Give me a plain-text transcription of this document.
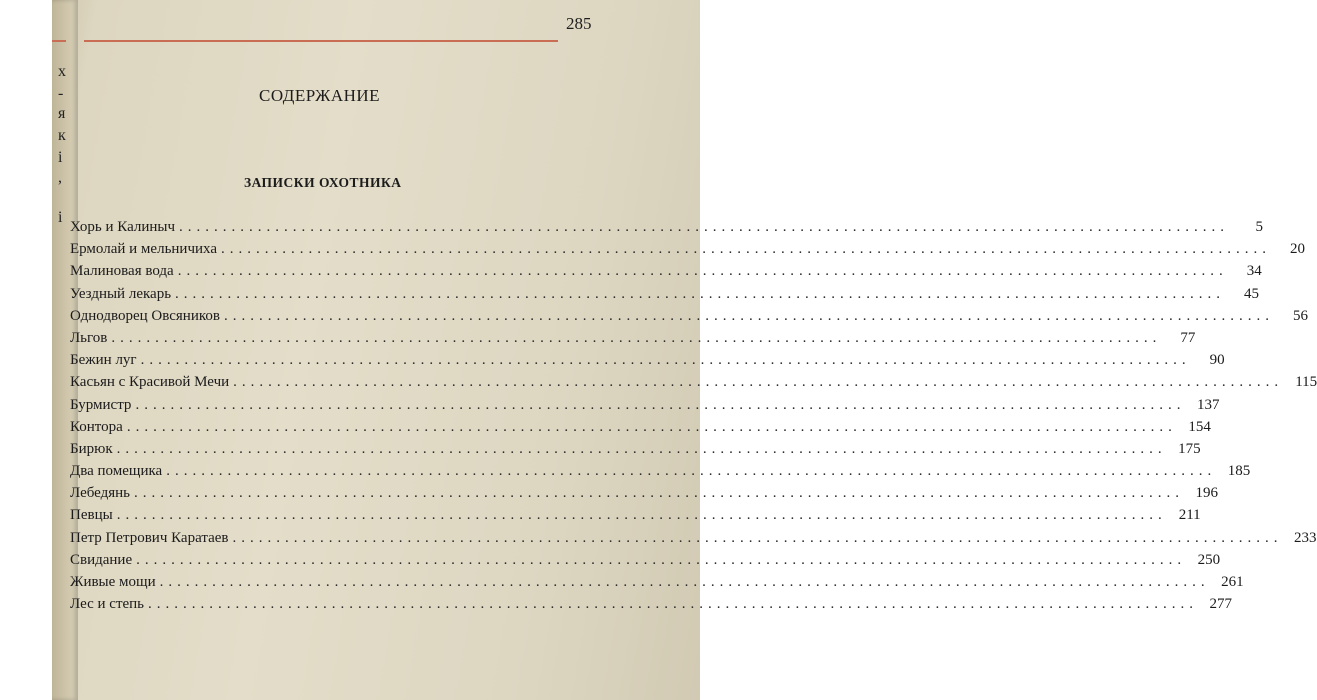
х
-
я
к
і
,
і
285
СОДЕРЖАНИЕ
ЗАПИСКИ ОХОТНИКА
Хорь и Калиныч ........................................................................................................................	5
Ермолай и мельничиха ........................................................................................................................	20
Малиновая вода ........................................................................................................................	34
Уездный лекарь ........................................................................................................................	45
Однодворец Овсяников ........................................................................................................................	56
Льгов ........................................................................................................................	77
Бежин луг ........................................................................................................................	90
Касьян с Красивой Мечи ........................................................................................................................ 115
Бурмистр ........................................................................................................................ 137
Контора ........................................................................................................................ 154
Бирюк ........................................................................................................................ 175
Два помещика ........................................................................................................................ 185
Лебедянь ........................................................................................................................ 196
Певцы ........................................................................................................................ 211
Петр Петрович Каратаев ........................................................................................................................ 233
Свидание ........................................................................................................................ 250
Живые мощи ........................................................................................................................ 261
Лес и степь ........................................................................................................................ 277
